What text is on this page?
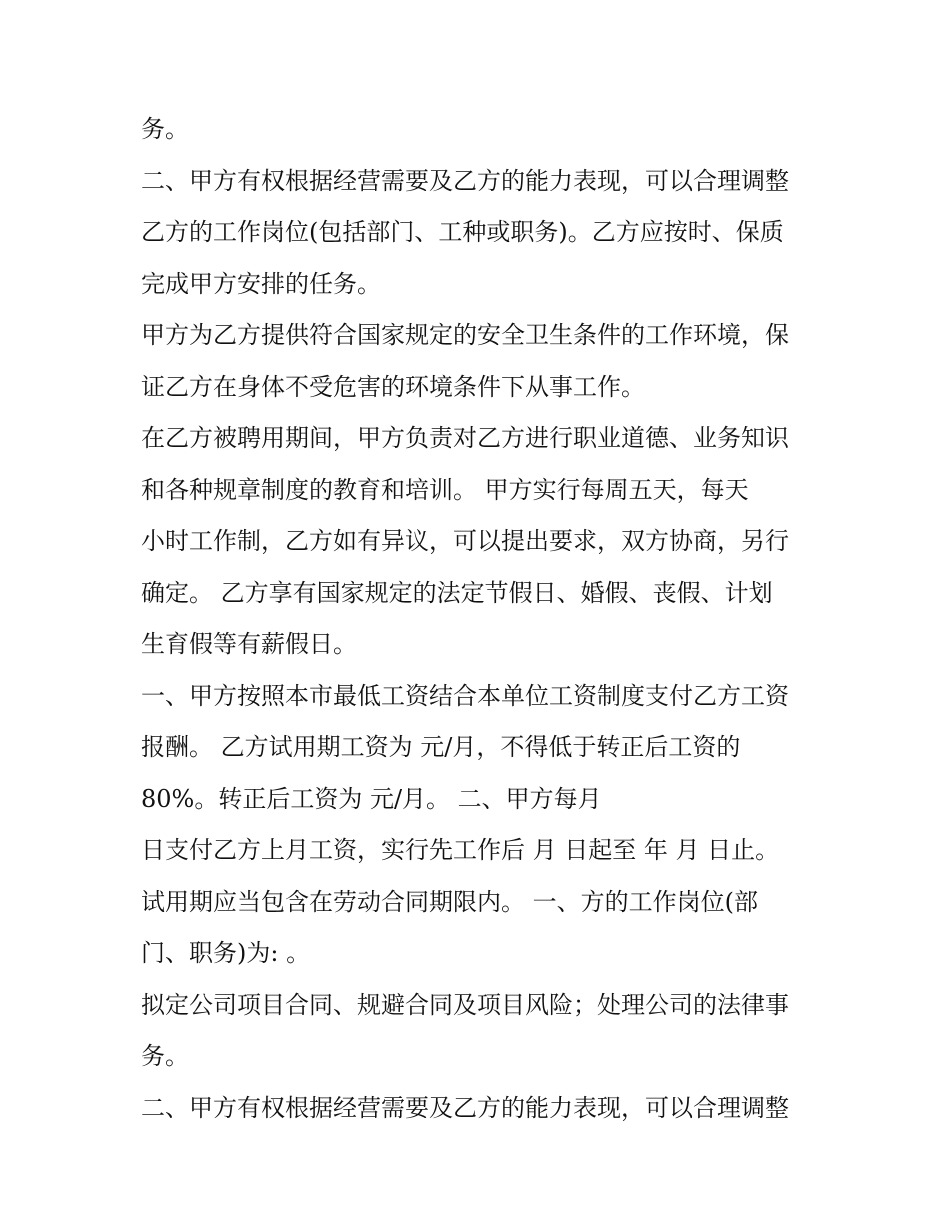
务。
二、甲方有权根据经营需要及乙方的能力表现，可以合理调整
乙方的工作岗位(包括部门、工种或职务)。乙方应按时、保质
完成甲方安排的任务。
甲方为乙方提供符合国家规定的安全卫生条件的工作环境，保
证乙方在身体不受危害的环境条件下从事工作。
在乙方被聘用期间，甲方负责对乙方进行职业道德、业务知识
和各种规章制度的教育和培训。 甲方实行每周五天，每天
小时工作制，乙方如有异议，可以提出要求，双方协商，另行
确定。 乙方享有国家规定的法定节假日、婚假、丧假、计划
生育假等有薪假日。
一、甲方按照本市最低工资结合本单位工资制度支付乙方工资
报酬。 乙方试用期工资为 元/月，不得低于转正后工资的
80%。转正后工资为 元/月。 二、甲方每月
日支付乙方上月工资，实行先工作后 月 日起至 年 月 日止。
试用期应当包含在劳动合同期限内。 一、方的工作岗位(部
门、职务)为: 。
拟定公司项目合同、规避合同及项目风险；处理公司的法律事
务。
二、甲方有权根据经营需要及乙方的能力表现，可以合理调整
